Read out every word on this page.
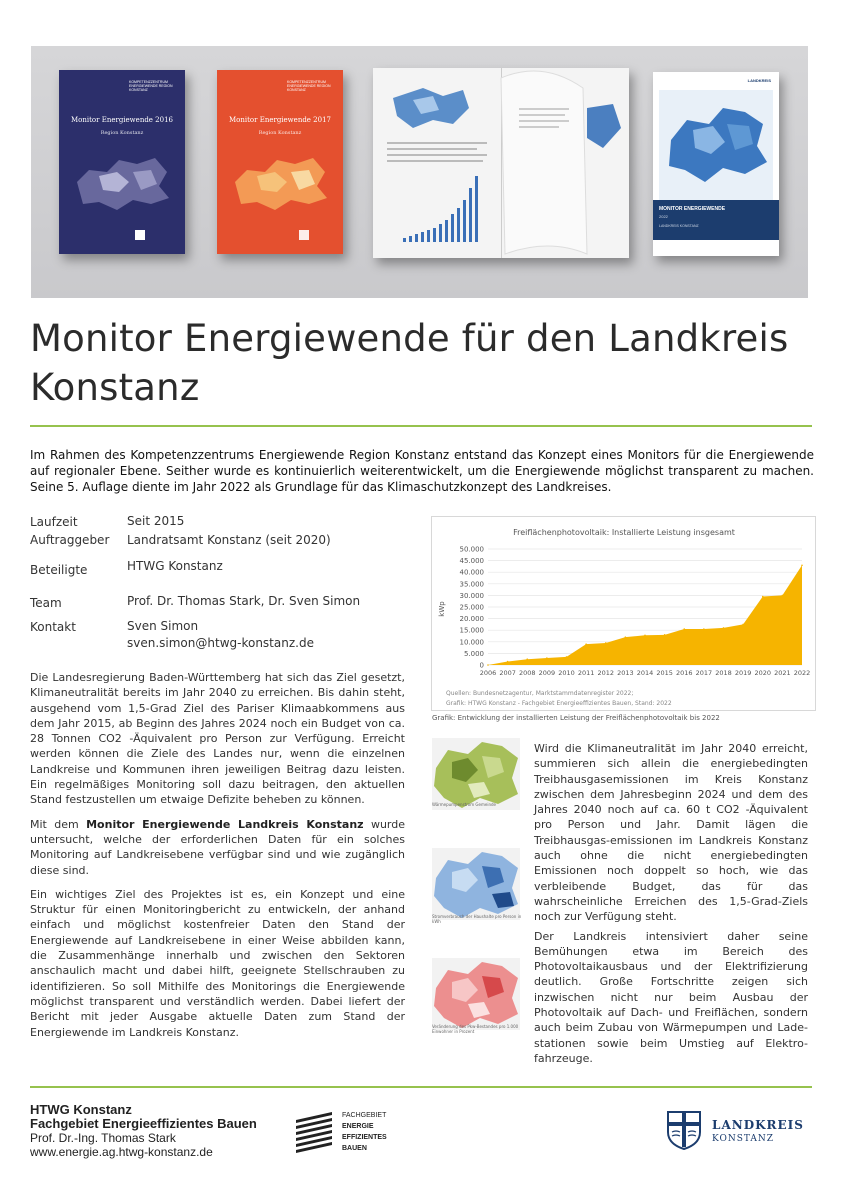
KOMPETENZZENTRUM ENERGIEWENDE REGION KONSTANZ
Monitor Energiewende 2016
Region Konstanz
KOMPETENZZENTRUM ENERGIEWENDE REGION KONSTANZ
Monitor Energiewende 2017
Region Konstanz
LANDKREIS
MONITOR ENERGIEWENDE
2022
LANDKREIS KONSTANZ
Monitor Energiewende für den Landkreis Konstanz
Im Rahmen des Kompetenzzentrums Energiewende Region Konstanz entstand das Konzept eines Monitors für die Energiewende auf regionaler Ebene. Seither wurde es kontinuierlich weiterentwickelt, um die Energiewende möglichst transparent zu machen. Seine 5. Auflage diente im Jahr 2022 als Grundlage für das Klimaschutzkonzept des Landkreises.
Laufzeit	Seit 2015
Auftraggeber Landratsamt Konstanz (seit 2020)
Beteiligte	HTWG Konstanz
Team	Prof. Dr. Thomas Stark, Dr. Sven Simon
Kontakt	Sven Simon
sven.simon@htwg-konstanz.de

Die Landesregierung Baden-Württemberg hat sich das Ziel gesetzt, Klimaneutralität bereits im Jahr 2040 zu erreichen. Bis dahin steht, ausgehend vom 1,5-Grad Ziel des Pariser Klimaabkommens aus dem Jahr 2015, ab Beginn des Jahres 2024 noch ein Budget von ca. 28 Tonnen CO2 -Äquivalent pro Person zur Verfügung. Erreicht werden können die Ziele des Landes nur, wenn die einzelnen Landkreise und Kommunen ihren jeweiligen Beitrag dazu leisten. Ein regelmäßiges Monitoring soll dazu beitragen, den aktuellen Stand festzustellen um etwaige Defizite beheben zu können.

Mit dem Monitor Energiewende Landkreis Konstanz wurde untersucht, welche der erforderlichen Daten für ein solches Monitoring auf Landkreisebene verfügbar sind und wie zugänglich diese sind.

Ein wichtiges Ziel des Projektes ist es, ein Konzept und eine Struktur für einen Monitoringbericht zu entwickeln, der anhand einfach und möglichst kostenfreier Daten den Stand der Energiewende auf Landkreisebene in einer Weise abbilden kann, die Zusammenhänge innerhalb und zwischen den Sektoren anschaulich macht und dabei hilft, geeignete Stellschrauben zu identifizieren. So soll Mithilfe des Monitorings die Energiewende möglichst transparent und verständlich werden. Dabei liefert der Bericht mit jeder Ausgabe aktuelle Daten zum Stand der Energiewende im Landkreis Konstanz.

Freiflächenphotovoltaik: Installierte Leistung insgesamt
kWp
0
5.000
10.000
15.000
20.000
25.000
30.000
35.000
40.000
45.000
50.000
2006 2007 2008 2009 2010 2011 2012 2013 2014 2015 2016 2017 2018 2019 2020 2021 2022
Quellen: Bundesnetzagentur, Marktstammdatenregister 2022;
Grafik: HTWG Konstanz - Fachgebiet Energieeffizientes Bauen, Stand: 2022
Grafik: Entwicklung der installierten Leistung der Freiflächenphotovoltaik bis 2022
Wärmepumpenstrom Gemeinde
Stromverbrauch der Haushalte pro Person in kWh
Veränderung des Pkw-Bestandes pro 1.000 Einwohner in Prozent

Wird die Klimaneutralität im Jahr 2040 erreicht, summieren sich allein die energiebedingten Treibhausgasemissionen im Kreis Konstanz zwischen dem Jahresbeginn 2024 und dem des Jahres 2040 noch auf ca. 60 t CO2 -Äquivalent pro Person und Jahr. Damit lägen die Treibhausgas-emissionen im Landkreis Konstanz auch ohne die nicht energiebedingten Emissionen noch doppelt so hoch, wie das verbleibende Budget, das für das wahrscheinliche Erreichen des 1,5-Grad-Ziels noch zur Verfügung steht.

Der Landkreis intensiviert daher seine Bemühungen etwa im Bereich des Photovoltaikausbaus und der Elektrifizierung deutlich. Große Fortschritte zeigen sich inzwischen nicht nur beim Ausbau der Photovoltaik auf Dach- und Freiflächen, sondern auch beim Zubau von Wärmepumpen und Lade-stationen sowie beim Umstieg auf Elektro-fahrzeuge.

HTWG Konstanz
Fachgebiet Energieeffizientes Bauen
Prof. Dr.-Ing. Thomas Stark
www.energie.ag.htwg-konstanz.de
FACHGEBIET
ENERGIE
EFFIZIENTES
BAUEN
LANDKREIS
KONSTANZ
